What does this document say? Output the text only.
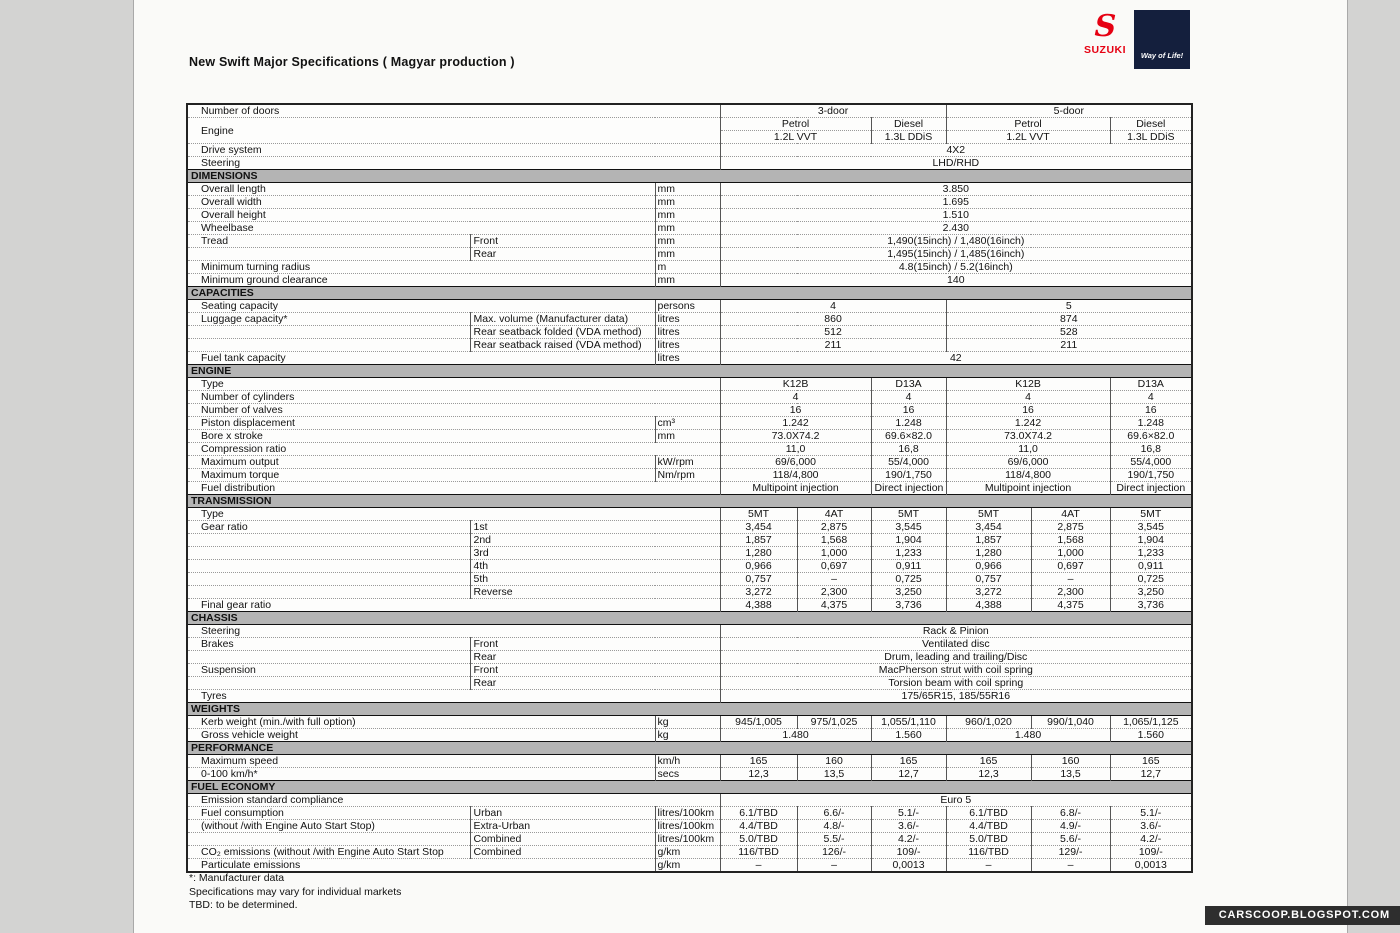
New Swift Major Specifications ( Magyar production )
S
SUZUKI	Way of Life!
Number of doors			3-door			5-door		
Engine			Petrol		Diesel	Petrol		Diesel
			1.2L VVT		1.3L DDiS	1.2L VVT		1.3L DDiS
Drive system			4X2					
Steering			LHD/RHD					
DIMENSIONS								
Overall length		mm	3.850					
Overall width		mm	1.695					
Overall height		mm	1.510					
Wheelbase		mm	2.430					
Tread	Front	mm	1,490(15inch) / 1,480(16inch)					
	Rear	mm	1,495(15inch) / 1,485(16inch)					
Minimum turning radius		m	4.8(15inch) / 5.2(16inch)					
Minimum ground clearance		mm	140					
CAPACITIES								
Seating capacity		persons	4			5		
Luggage capacity*	Max. volume (Manufacturer data)	litres	860			874		
	Rear seatback folded (VDA method)	litres	512			528		
	Rear seatback raised (VDA method)	litres	211			211		
Fuel tank capacity		litres	42					
ENGINE								
Type			K12B		D13A	K12B		D13A
Number of cylinders			4		4	4		4
Number of valves			16		16	16		16
Piston displacement		cm³	1.242		1.248	1.242		1.248
Bore x stroke		mm	73.0X74.2		69.6×82.0	73.0X74.2		69.6×82.0
Compression ratio			11,0		16,8	11,0		16,8
Maximum output		kW/rpm	69/6,000		55/4,000	69/6,000		55/4,000
Maximum torque		Nm/rpm	118/4,800		190/1,750	118/4,800		190/1,750
Fuel distribution			Multipoint injection		Direct injection	Multipoint injection		Direct injection
TRANSMISSION								
Type			5MT	4AT	5MT	5MT	4AT	5MT
Gear ratio	1st		3,454	2,875	3,545	3,454	2,875	3,545
	2nd		1,857	1,568	1,904	1,857	1,568	1,904
	3rd		1,280	1,000	1,233	1,280	1,000	1,233
	4th		0,966	0,697	0,911	0,966	0,697	0,911
	5th		0,757	–	0,725	0,757	–	0,725
	Reverse		3,272	2,300	3,250	3,272	2,300	3,250
Final gear ratio			4,388	4,375	3,736	4,388	4,375	3,736
CHASSIS								
Steering			Rack & Pinion					
Brakes	Front		Ventilated disc					
	Rear		Drum, leading and trailing/Disc					
Suspension	Front		MacPherson strut with coil spring					
	Rear		Torsion beam with coil spring					
Tyres			175/65R15, 185/55R16					
WEIGHTS								
Kerb weight (min./with full option)		kg	945/1,005	975/1,025	1,055/1,110	960/1,020	990/1,040	1,065/1,125
Gross vehicle weight		kg	1.480		1.560	1.480		1.560
PERFORMANCE								
Maximum speed		km/h	165	160	165	165	160	165
0-100 km/h*		secs	12,3	13,5	12,7	12,3	13,5	12,7
FUEL ECONOMY								
Emission standard compliance			Euro 5					
Fuel consumption	Urban	litres/100km	6.1/TBD	6.6/-	5.1/-	6.1/TBD	6.8/-	5.1/-
(without /with Engine Auto Start Stop)	Extra-Urban	litres/100km	4.4/TBD	4.8/-	3.6/-	4.4/TBD	4.9/-	3.6/-
	Combined	litres/100km	5.0/TBD	5.5/-	4.2/-	5.0/TBD	5.6/-	4.2/-
CO₂ emissions (without /with Engine Auto Start Stop	Combined	g/km	116/TBD	126/-	109/-	116/TBD	129/-	109/-
Particulate emissions		g/km	–	–	0,0013	–	–	0,0013
*: Manufacturer data
Specifications may vary for individual markets
TBD: to be determined.
CARSCOOP.BLOGSPOT.COM
